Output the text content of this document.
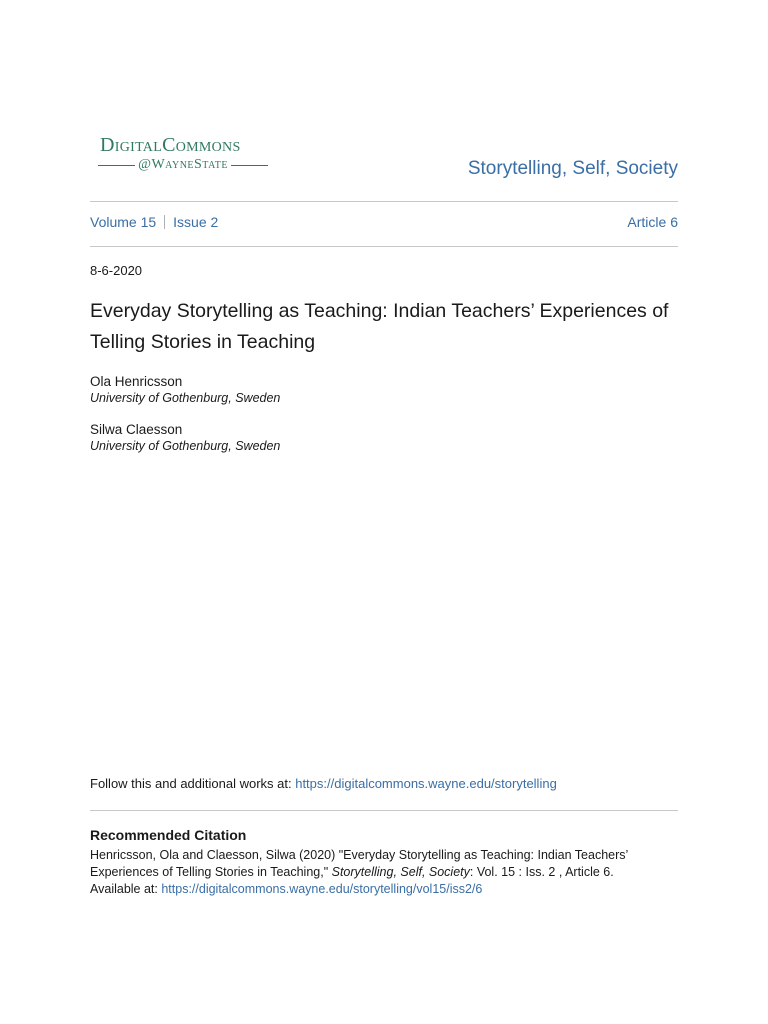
DigitalCommons
@WayneState	Storytelling, Self, Society
Volume 15 Issue 2	Article 6
8-6-2020
Everyday Storytelling as Teaching: Indian Teachers’ Experiences of Telling Stories in Teaching
Ola Henricsson
University of Gothenburg, Sweden
Silwa Claesson
University of Gothenburg, Sweden
Follow this and additional works at: https://digitalcommons.wayne.edu/storytelling
Recommended Citation
Henricsson, Ola and Claesson, Silwa (2020) "Everyday Storytelling as Teaching: Indian Teachers’ Experiences of Telling Stories in Teaching," Storytelling, Self, Society: Vol. 15 : Iss. 2 , Article 6.
Available at: https://digitalcommons.wayne.edu/storytelling/vol15/iss2/6
